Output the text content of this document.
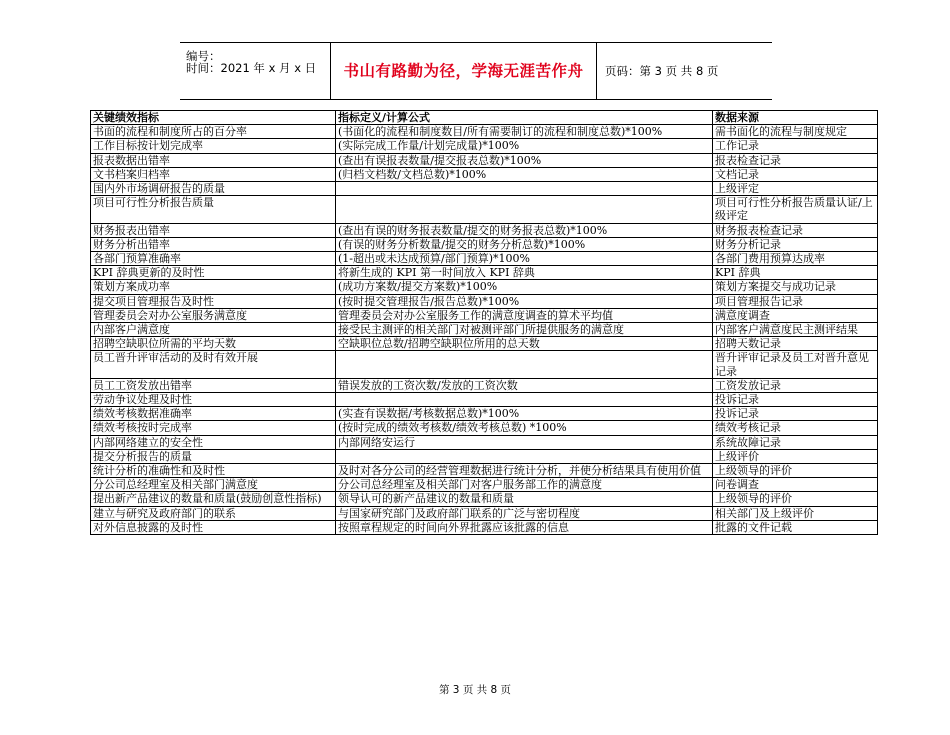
编号：
时间：2021 年 x 月 x 日	书山有路勤为径，学海无涯苦作舟	页码：第 3 页 共 8 页
关键绩效指标	指标定义/计算公式	数据来源
书面的流程和制度所占的百分率	(书面化的流程和制度数目/所有需要制订的流程和制度总数)*100%	需书面化的流程与制度规定
工作目标按计划完成率	(实际完成工作量/计划完成量)*100%	工作记录
报表数据出错率	(查出有误报表数量/提交报表总数)*100%	报表检查记录
文书档案归档率	(归档文档数/文档总数)*100%	文档记录
国内外市场调研报告的质量		上级评定
项目可行性分析报告质量		项目可行性分析报告质量认证/上级评定
财务报表出错率	(查出有误的财务报表数量/提交的财务报表总数)*100%	财务报表检查记录
财务分析出错率	(有误的财务分析数量/提交的财务分析总数)*100%	财务分析记录
各部门预算准确率	(1-超出或未达成预算/部门预算)*100%	各部门费用预算达成率
KPI 辞典更新的及时性	将新生成的 KPI 第一时间放入 KPI 辞典	KPI 辞典
策划方案成功率	(成功方案数/提交方案数)*100%	策划方案提交与成功记录
提交项目管理报告及时性	(按时提交管理报告/报告总数)*100%	项目管理报告记录
管理委员会对办公室服务满意度	管理委员会对办公室服务工作的满意度调查的算术平均值	满意度调查
内部客户满意度	接受民主测评的相关部门对被测评部门所提供服务的满意度	内部客户满意度民主测评结果
招聘空缺职位所需的平均天数	空缺职位总数/招聘空缺职位所用的总天数	招聘天数记录
员工晋升评审活动的及时有效开展		晋升评审记录及员工对晋升意见记录
员工工资发放出错率	错误发放的工资次数/发放的工资次数	工资发放记录
劳动争议处理及时性		投诉记录
绩效考核数据准确率	(实查有误数据/考核数据总数)*100%	投诉记录
绩效考核按时完成率	(按时完成的绩效考核数/绩效考核总数) *100%	绩效考核记录
内部网络建立的安全性	内部网络安运行	系统故障记录
提交分析报告的质量		上级评价
统计分析的准确性和及时性	及时对各分公司的经营管理数据进行统计分析，并使分析结果具有使用价值	上级领导的评价
分公司总经理室及相关部门满意度	分公司总经理室及相关部门对客户服务部工作的满意度	问卷调查
提出新产品建议的数量和质量(鼓励创意性指标)	领导认可的新产品建议的数量和质量	上级领导的评价
建立与研究及政府部门的联系	与国家研究部门及政府部门联系的广泛与密切程度	相关部门及上级评价
对外信息披露的及时性	按照章程规定的时间向外界批露应该批露的信息	批露的文件记载
第 3 页 共 8 页
